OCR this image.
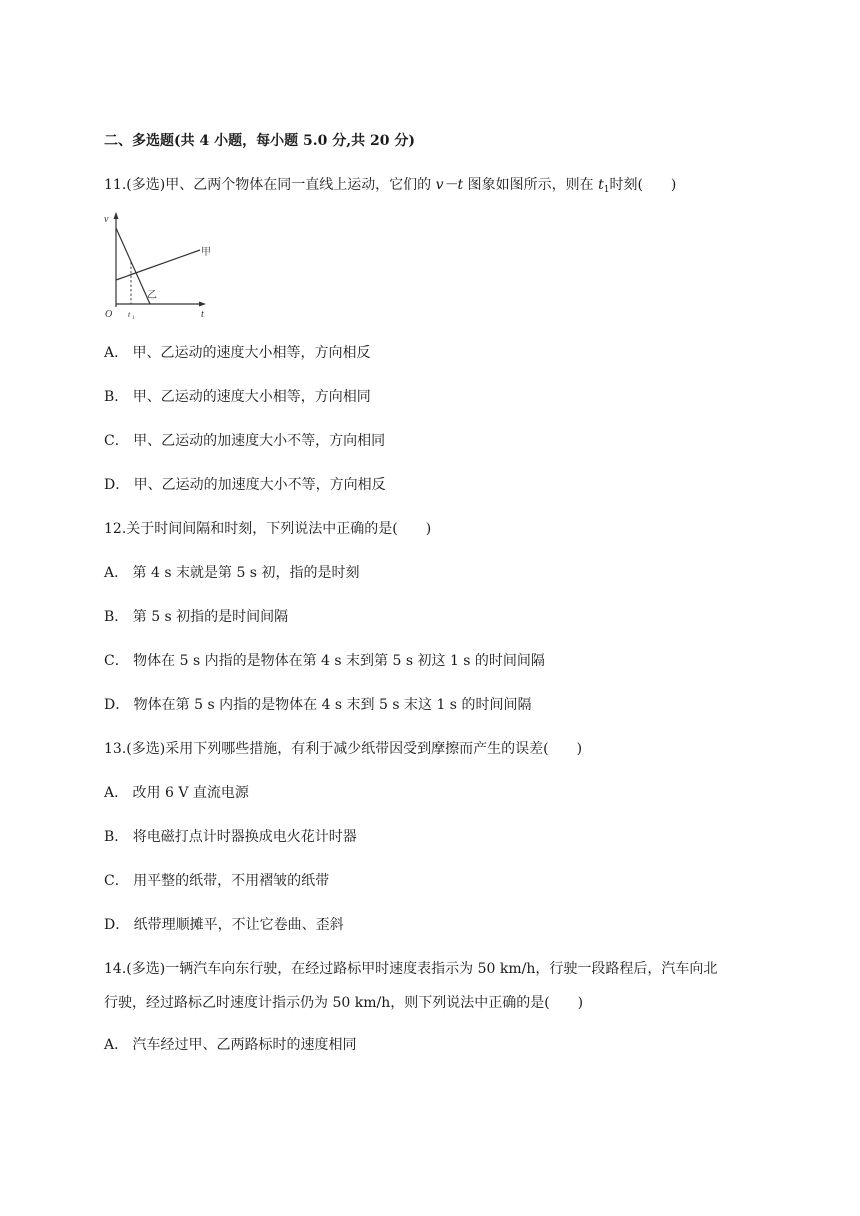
二、多选题(共 4 小题，每小题 5.0 分,共 20 分)
11.(多选)甲、乙两个物体在同一直线上运动，它们的 v－t 图象如图所示，则在 $t_1$时刻(　　)
v
t
O t 1
甲
乙
A． 甲、乙运动的速度大小相等，方向相反
B． 甲、乙运动的速度大小相等，方向相同
C． 甲、乙运动的加速度大小不等，方向相同
D． 甲、乙运动的加速度大小不等，方向相反
12.关于时间间隔和时刻，下列说法中正确的是(　　)
A． 第 4 s 末就是第 5 s 初，指的是时刻
B． 第 5 s 初指的是时间间隔
C． 物体在 5 s 内指的是物体在第 4 s 末到第 5 s 初这 1 s 的时间间隔
D． 物体在第 5 s 内指的是物体在 4 s 末到 5 s 末这 1 s 的时间间隔
13.(多选)采用下列哪些措施，有利于减少纸带因受到摩擦而产生的误差(　　)
A． 改用 6 V 直流电源
B． 将电磁打点计时器换成电火花计时器
C． 用平整的纸带，不用褶皱的纸带
D． 纸带理顺摊平，不让它卷曲、歪斜
14.(多选)一辆汽车向东行驶，在经过路标甲时速度表指示为 50 km/h，行驶一段路程后，汽车向北
行驶，经过路标乙时速度计指示仍为 50 km/h，则下列说法中正确的是(　　)
A． 汽车经过甲、乙两路标时的速度相同
